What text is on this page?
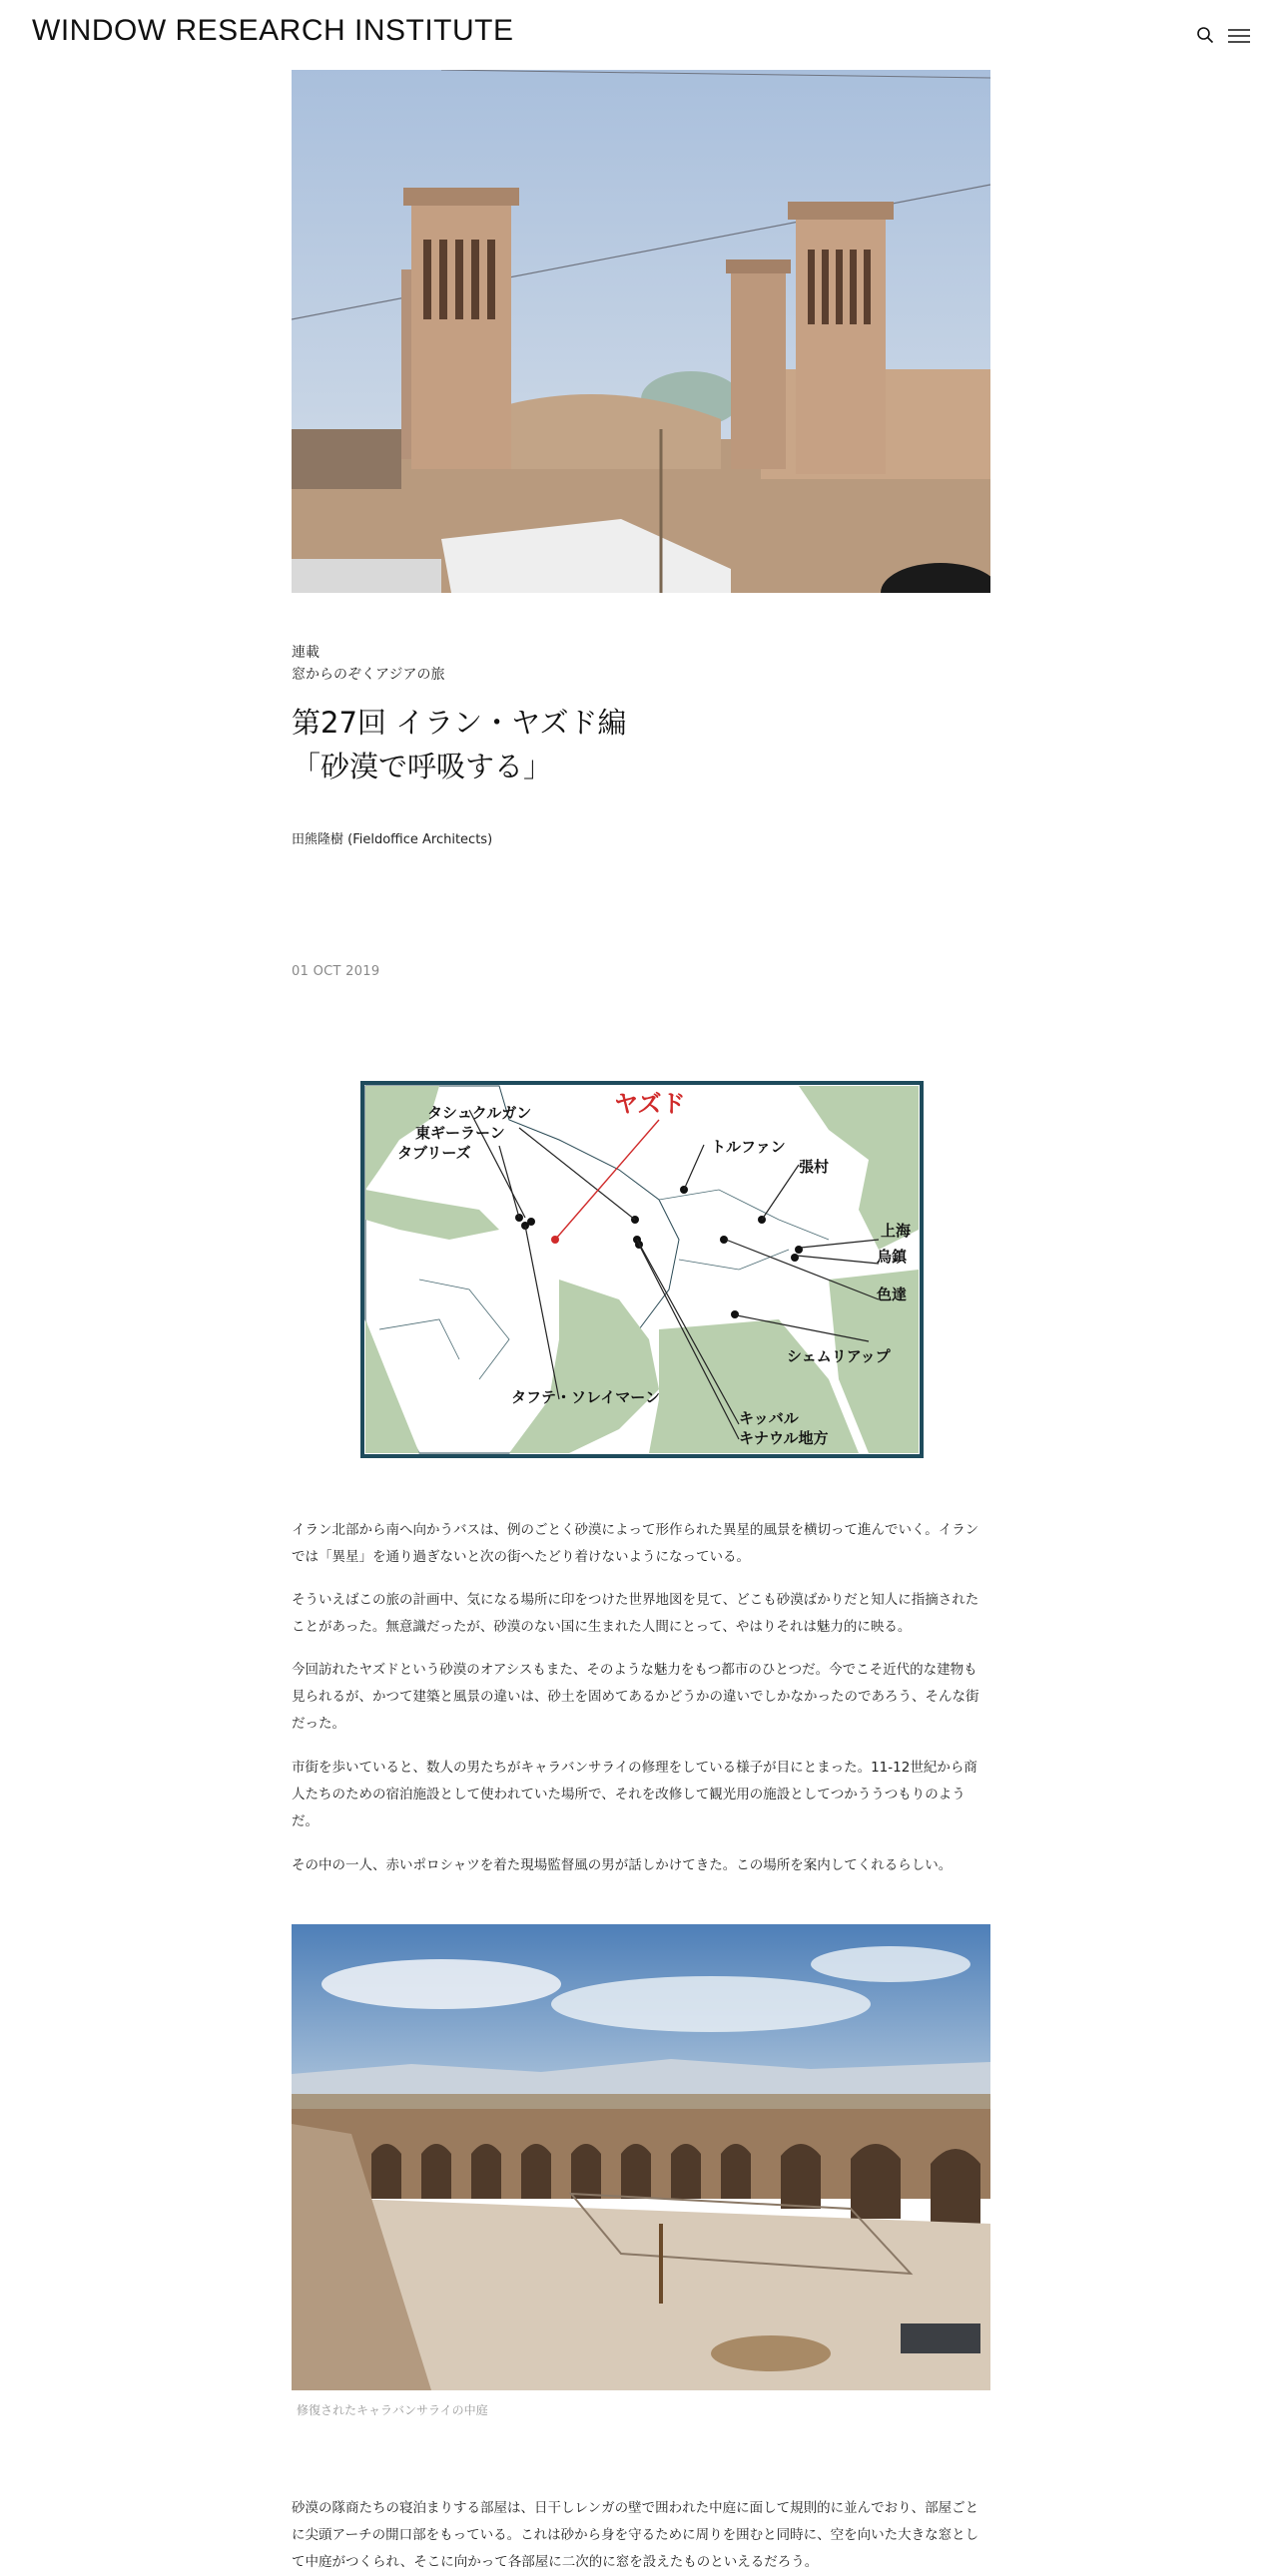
WINDOW RESEARCH INSTITUTE
連載
窓からのぞくアジアの旅
第27回 イラン・ヤズド編
「砂漠で呼吸する」
田熊隆樹 (Fieldoffice Architects)
01 OCT 2019
タシュクルガン
東ギーラーン
タブリーズ	トルファン
張村
上海
烏鎮
色達
シェムリアップ
タフテ・ソレイマーン
キッバル
キナウル地方
ヤズド

イラン北部から南へ向かうバスは、例のごとく砂漠によって形作られた異星的風景を横切って進んでいく。イランでは「異星」を通り過ぎないと次の街へたどり着けないようになっている。

そういえばこの旅の計画中、気になる場所に印をつけた世界地図を見て、どこも砂漠ばかりだと知人に指摘されたことがあった。無意識だったが、砂漠のない国に生まれた人間にとって、やはりそれは魅力的に映る。

今回訪れたヤズドという砂漠のオアシスもまた、そのような魅力をもつ都市のひとつだ。今でこそ近代的な建物も見られるが、かつて建築と風景の違いは、砂土を固めてあるかどうかの違いでしかなかったのであろう、そんな街だった。

市街を歩いていると、数人の男たちがキャラバンサライの修理をしている様子が目にとまった。11-12世紀から商人たちのための宿泊施設として使われていた場所で、それを改修して観光用の施設としてつかううつもりのようだ。

その中の一人、赤いポロシャツを着た現場監督風の男が話しかけてきた。この場所を案内してくれるらしい。

修復されたキャラバンサライの中庭

砂漠の隊商たちの寝泊まりする部屋は、日干しレンガの壁で囲われた中庭に面して規則的に並んでおり、部屋ごとに尖頭アーチの開口部をもっている。これは砂から身を守るために周りを囲むと同時に、空を向いた大きな窓として中庭がつくられ、そこに向かって各部屋に二次的に窓を設えたものといえるだろう。
